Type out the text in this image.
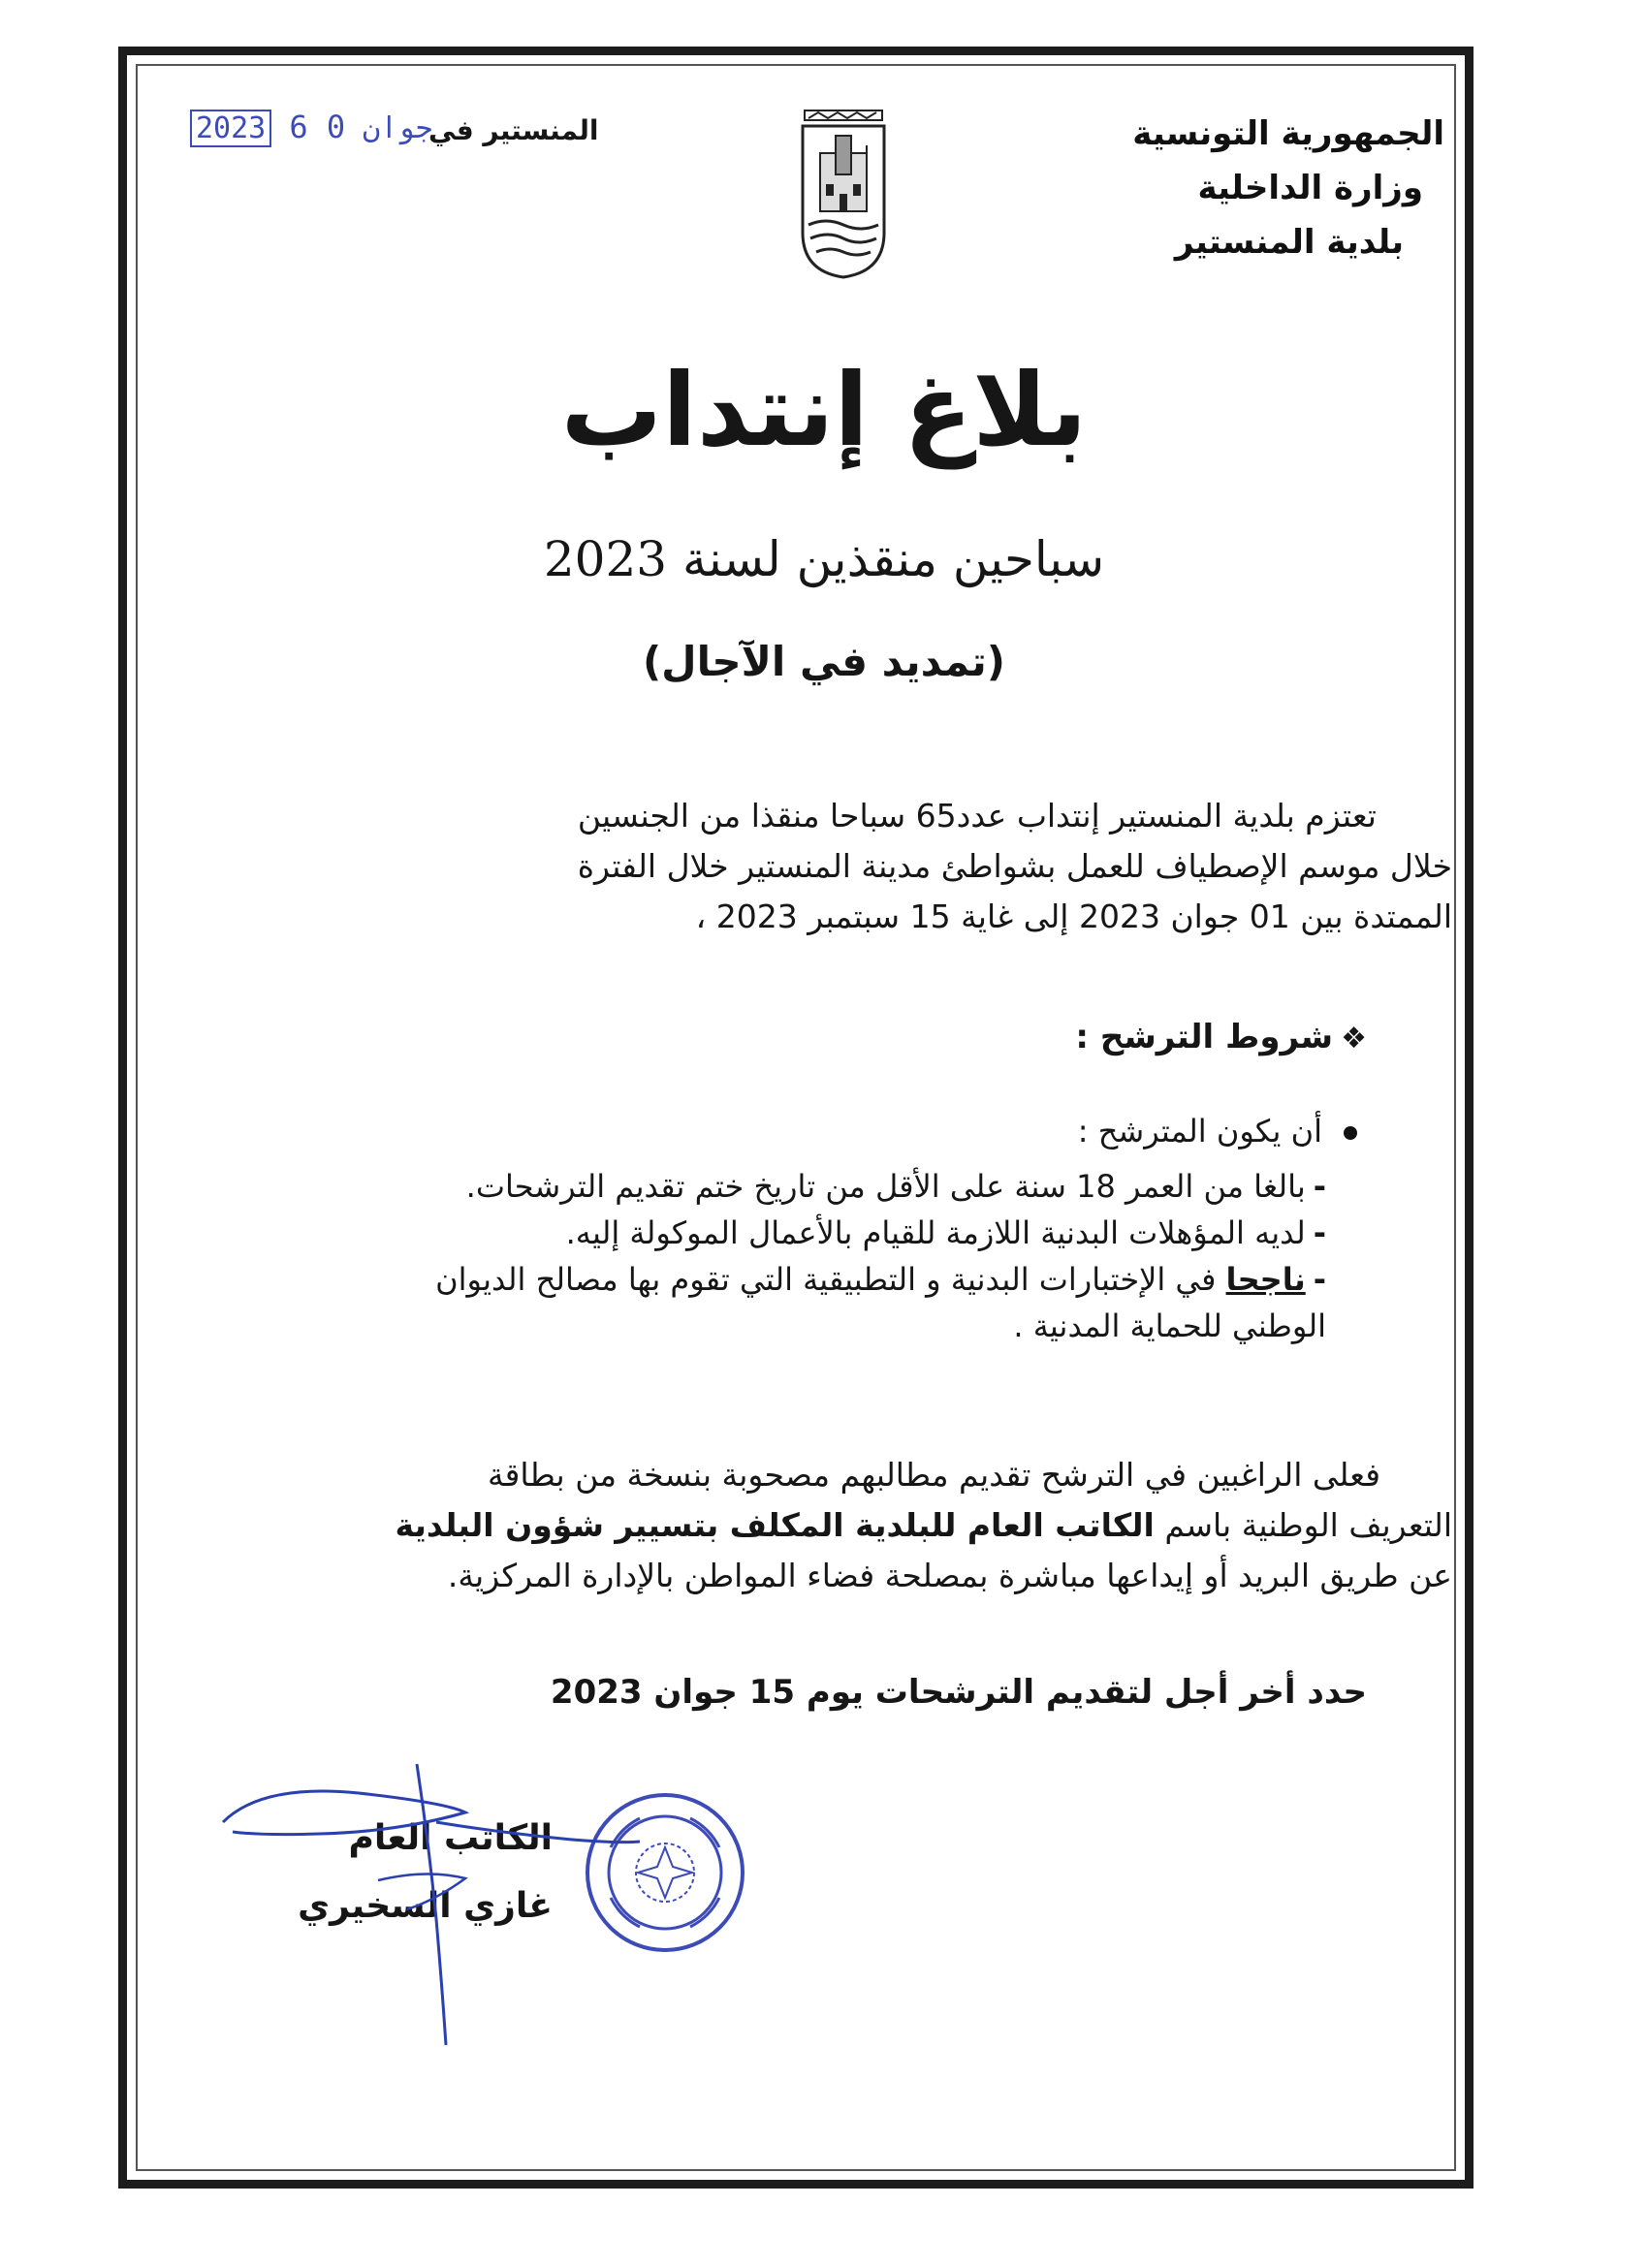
الجمهورية التونسية
وزارة الداخلية
بلدية المنستير
المنستير في
2023	جوان 0 6
بلاغ إنتداب
سباحين منقذين لسنة 2023
(تمديد في الآجال)
تعتزم بلدية المنستير إنتداب عدد65 سباحا منقذا من الجنسين
خلال موسم الإصطياف للعمل بشواطئ مدينة المنستير خلال الفترة
الممتدة بين 01 جوان 2023 إلى غاية 15 سبتمبر 2023 ،
❖شروط الترشح :
أن يكون المترشح :
-بالغا من العمر 18 سنة على الأقل من تاريخ ختم تقديم الترشحات.
-لديه المؤهلات البدنية اللازمة للقيام بالأعمال الموكولة إليه.
-ناجحا في الإختبارات البدنية و التطبيقية التي تقوم بها مصالح الديوان
الوطني للحماية المدنية .
فعلى الراغبين في الترشح تقديم مطالبهم مصحوبة بنسخة من بطاقة
التعريف الوطنية باسم الكاتب العام للبلدية المكلف بتسيير شؤون البلدية
عن طريق البريد أو إيداعها مباشرة بمصلحة فضاء المواطن بالإدارة المركزية.
حدد أخر أجل لتقديم الترشحات يوم 15 جوان 2023
الكاتب العام
غازي السخيري
